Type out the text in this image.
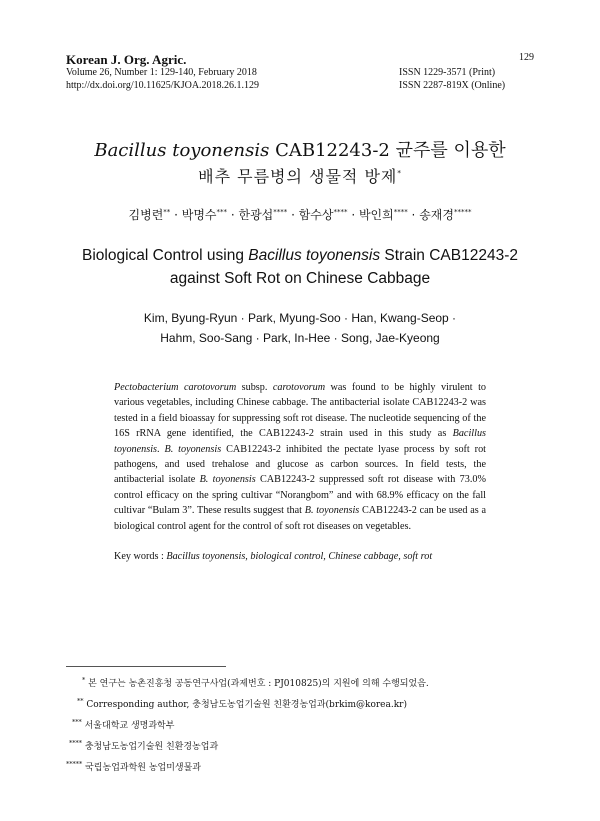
Korean J. Org. Agric.
Volume 26, Number 1: 129-140, February 2018
http://dx.doi.org/10.11625/KJOA.2018.26.1.129
129
ISSN 1229-3571 (Print)
ISSN 2287-819X (Online)
Bacillus toyonensis CAB12243-2 균주를 이용한
배추 무름병의 생물적 방제*
김병련** · 박명수*** · 한광섭**** · 함수상**** · 박인희**** · 송재경*****
Biological Control using Bacillus toyonensis Strain CAB12243-2
against Soft Rot on Chinese Cabbage
Kim, Byung-Ryun · Park, Myung-Soo · Han, Kwang-Seop ·
Hahm, Soo-Sang · Park, In-Hee · Song, Jae-Kyeong
Pectobacterium carotovorum subsp. carotovorum was found to be highly virulent to various vegetables, including Chinese cabbage. The antibacterial isolate CAB12243-2 was tested in a field bioassay for suppressing soft rot disease. The nucleotide sequencing of the 16S rRNA gene identified, the CAB12243-2 strain used in this study as Bacillus toyonensis. B. toyonensis CAB12243-2 inhibited the pectate lyase process by soft rot pathogens, and used trehalose and glucose as carbon sources. In field tests, the antibacterial isolate B. toyonensis CAB12243-2 suppressed soft rot disease with 73.0% control efficacy on the spring cultivar “Norangbom” and with 68.9% efficacy on the fall cultivar “Bulam 3”. These results suggest that B. toyonensis CAB12243-2 can be used as a biological control agent for the control of soft rot diseases on vegetables.
Key words : Bacillus toyonensis, biological control, Chinese cabbage, soft rot
* 본 연구는 농촌진흥청 공동연구사업(과제번호 : PJ010825)의 지원에 의해 수행되었음.
** Corresponding author, 충청남도농업기술원 친환경농업과(brkim@korea.kr)
*** 서울대학교 생명과학부
**** 충청남도농업기술원 친환경농업과
***** 국립농업과학원 농업미생물과
